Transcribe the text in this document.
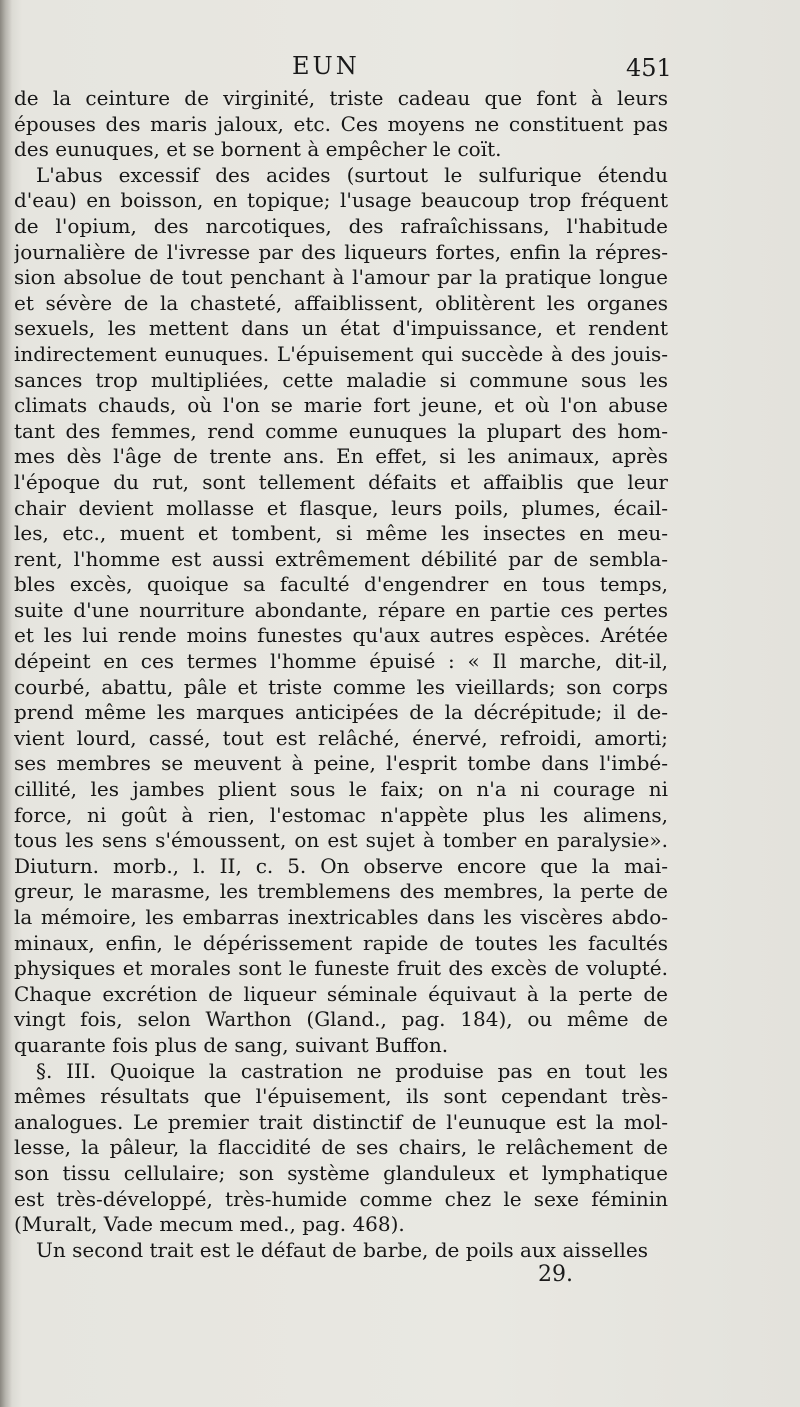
EUN	451
de la ceinture de virginité, triste cadeau que font à leurs
épouses des maris jaloux, etc. Ces moyens ne constituent pas
des eunuques, et se bornent à empêcher le coït.
L'abus excessif des acides (surtout le sulfurique étendu
d'eau) en boisson, en topique; l'usage beaucoup trop fréquent
de l'opium, des narcotiques, des rafraîchissans, l'habitude
journalière de l'ivresse par des liqueurs fortes, enfin la répres-
sion absolue de tout penchant à l'amour par la pratique longue
et sévère de la chasteté, affaiblissent, oblitèrent les organes
sexuels, les mettent dans un état d'impuissance, et rendent
indirectement eunuques. L'épuisement qui succède à des jouis-
sances trop multipliées, cette maladie si commune sous les
climats chauds, où l'on se marie fort jeune, et où l'on abuse
tant des femmes, rend comme eunuques la plupart des hom-
mes dès l'âge de trente ans. En effet, si les animaux, après
l'époque du rut, sont tellement défaits et affaiblis que leur
chair devient mollasse et flasque, leurs poils, plumes, écail-
les, etc., muent et tombent, si même les insectes en meu-
rent, l'homme est aussi extrêmement débilité par de sembla-
bles excès, quoique sa faculté d'engendrer en tous temps,
suite d'une nourriture abondante, répare en partie ces pertes
et les lui rende moins funestes qu'aux autres espèces. Arétée
dépeint en ces termes l'homme épuisé : « Il marche, dit-il,
courbé, abattu, pâle et triste comme les vieillards; son corps
prend même les marques anticipées de la décrépitude; il de-
vient lourd, cassé, tout est relâché, énervé, refroidi, amorti;
ses membres se meuvent à peine, l'esprit tombe dans l'imbé-
cillité, les jambes plient sous le faix; on n'a ni courage ni
force, ni goût à rien, l'estomac n'appète plus les alimens,
tous les sens s'émoussent, on est sujet à tomber en paralysie».
Diuturn. morb., l. II, c. 5. On observe encore que la mai-
greur, le marasme, les tremblemens des membres, la perte de
la mémoire, les embarras inextricables dans les viscères abdo-
minaux, enfin, le dépérissement rapide de toutes les facultés
physiques et morales sont le funeste fruit des excès de volupté.
Chaque excrétion de liqueur séminale équivaut à la perte de
vingt fois, selon Warthon (Gland., pag. 184), ou même de
quarante fois plus de sang, suivant Buffon.
§. III. Quoique la castration ne produise pas en tout les
mêmes résultats que l'épuisement, ils sont cependant très-
analogues. Le premier trait distinctif de l'eunuque est la mol-
lesse, la pâleur, la flaccidité de ses chairs, le relâchement de
son tissu cellulaire; son système glanduleux et lymphatique
est très-développé, très-humide comme chez le sexe féminin
(Muralt, Vade mecum med., pag. 468).
Un second trait est le défaut de barbe, de poils aux aisselles
29.
